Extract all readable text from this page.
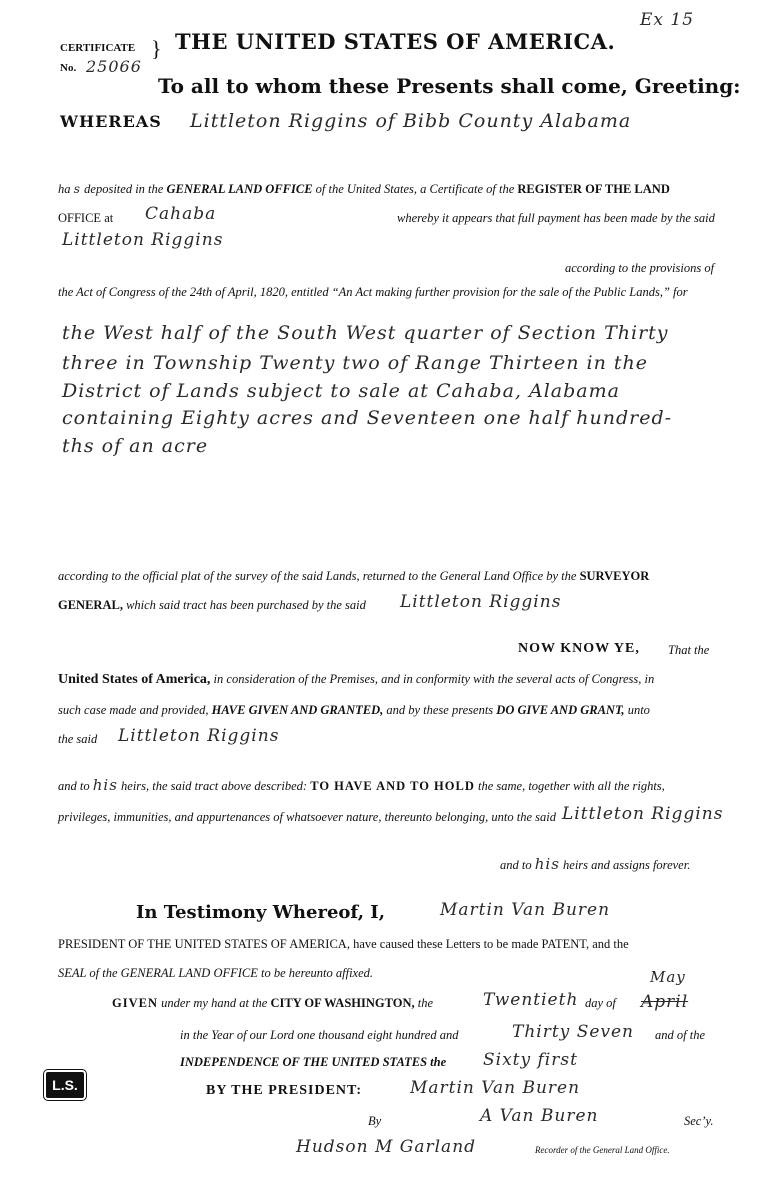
Ex 15
CERTIFICATE }
No. 25066
THE UNITED STATES OF AMERICA.
To all to whom these Presents shall come, Greeting:
WHEREAS Littleton Riggins of Bibb County Alabama
ha s deposited in the GENERAL LAND OFFICE of the United States, a Certificate of the REGISTER OF THE LAND
OFFICE at Cahaba	whereby it appears that full payment has been made by the said
Littleton Riggins
according to the provisions of
the Act of Congress of the 24th of April, 1820, entitled “An Act making further provision for the sale of the Public Lands,” for
the West half of the South West quarter of Section Thirty
three in Township Twenty two of Range Thirteen in the
District of Lands subject to sale at Cahaba, Alabama
containing Eighty acres and Seventeen one half hundred-
ths of an acre
according to the official plat of the survey of the said Lands, returned to the General Land Office by the SURVEYOR
GENERAL, which said tract has been purchased by the said Littleton Riggins
NOW KNOW YE, That the
United States of America, in consideration of the Premises, and in conformity with the several acts of Congress, in
such case made and provided, HAVE GIVEN AND GRANTED, and by these presents DO GIVE AND GRANT, unto
the said Littleton Riggins
and to his heirs, the said tract above described: TO HAVE AND TO HOLD the same, together with all the rights,
privileges, immunities, and appurtenances of whatsoever nature, thereunto belonging, unto the said Littleton Riggins
and to his heirs and assigns forever.
In Testimony Whereof, I,	Martin Van Buren
PRESIDENT OF THE UNITED STATES OF AMERICA, have caused these Letters to be made PATENT, and the
SEAL of the GENERAL LAND OFFICE to be hereunto affixed.
GIVEN under my hand at the CITY OF WASHINGTON, the	Twentieth day of April
May
in the Year of our Lord one thousand eight hundred and	Thirty Seven and of the
INDEPENDENCE OF THE UNITED STATES the Sixty first
L.S.	BY THE PRESIDENT:	Martin Van Buren
By	A Van Buren	Sec’y.
Hudson M Garland	Recorder of the General Land Office.
